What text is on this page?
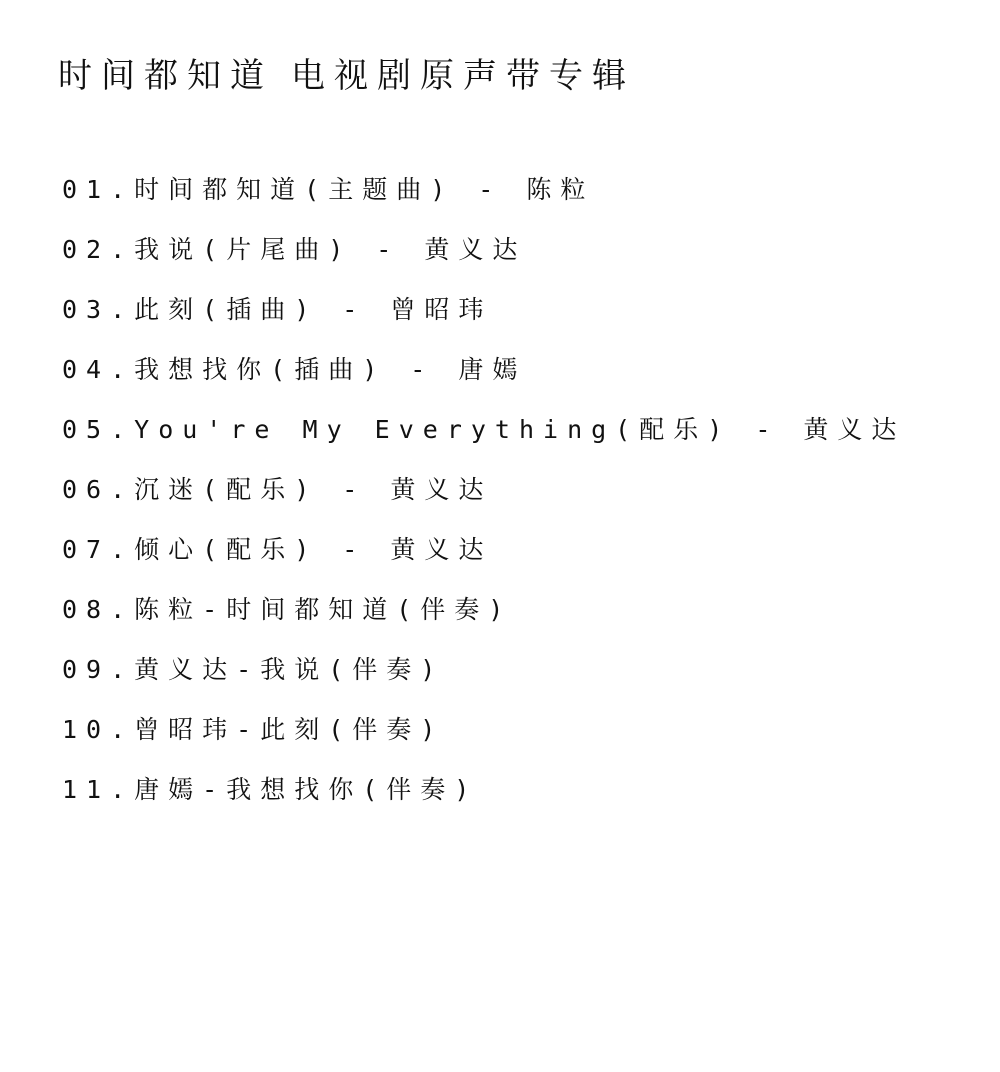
时间都知道 电视剧原声带专辑
01.时间都知道(主题曲) - 陈粒
02.我说(片尾曲) - 黄义达
03.此刻(插曲) - 曾昭玮
04.我想找你(插曲) - 唐嫣
05.You're My Everything(配乐) - 黄义达
06.沉迷(配乐) - 黄义达
07.倾心(配乐) - 黄义达
08.陈粒-时间都知道(伴奏)
09.黄义达-我说(伴奏)
10.曾昭玮-此刻(伴奏)
11.唐嫣-我想找你(伴奏)
